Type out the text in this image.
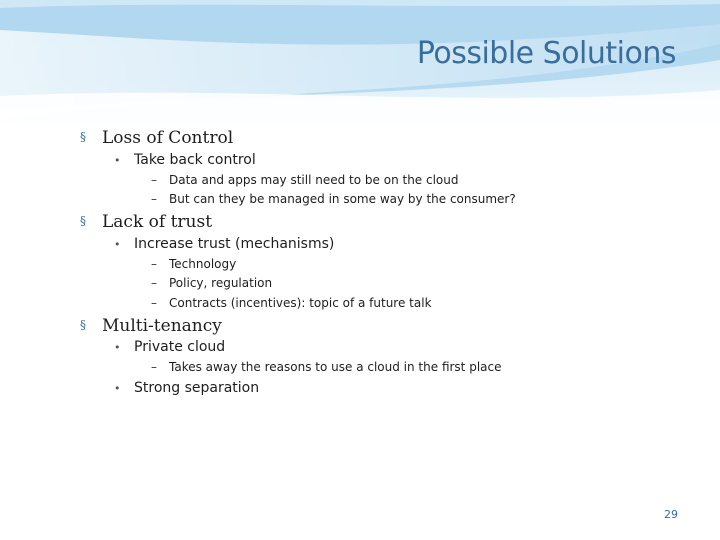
Possible Solutions
§ Loss of Control
• Take back control
– Data and apps may still need to be on the cloud
– But can they be managed in some way by the consumer?
§ Lack of trust
• Increase trust (mechanisms)
– Technology
– Policy, regulation
– Contracts (incentives): topic of a future talk
§ Multi-tenancy
• Private cloud
– Takes away the reasons to use a cloud in the first place
• Strong separation
29
